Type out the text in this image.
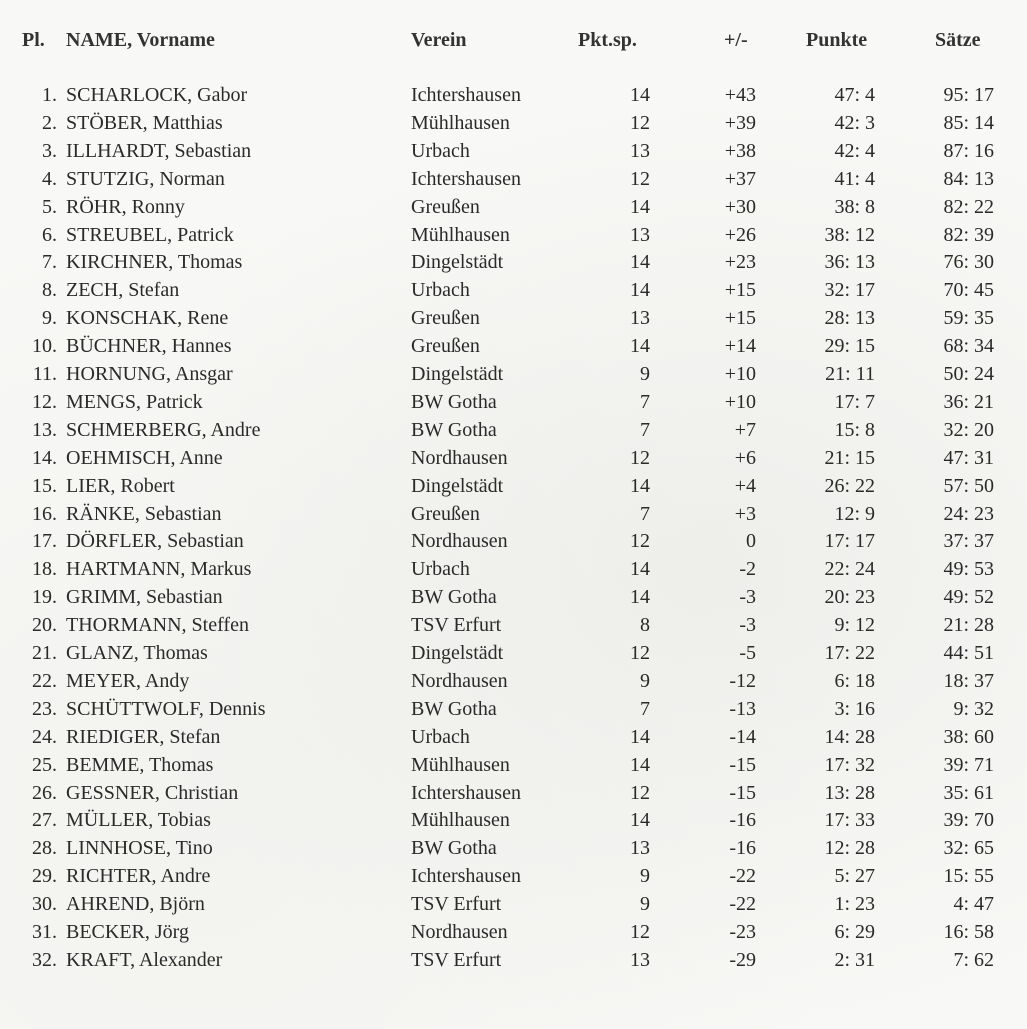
Pl. NAME, Vorname	Verein	Pkt.sp.	+/-	Punkte	Sätze
1. SCHARLOCK, Gabor	Ichtershausen	14	+43	47: 4	95: 17
2. STÖBER, Matthias	Mühlhausen	12	+39	42: 3	85: 14
3. ILLHARDT, Sebastian	Urbach	13	+38	42: 4	87: 16
4. STUTZIG, Norman	Ichtershausen	12	+37	41: 4	84: 13
5. RÖHR, Ronny	Greußen	14	+30	38: 8	82: 22
6. STREUBEL, Patrick	Mühlhausen	13	+26	38: 12	82: 39
7. KIRCHNER, Thomas	Dingelstädt	14	+23	36: 13	76: 30
8. ZECH, Stefan	Urbach	14	+15	32: 17	70: 45
9. KONSCHAK, Rene	Greußen	13	+15	28: 13	59: 35
10. BÜCHNER, Hannes	Greußen	14	+14	29: 15	68: 34
11. HORNUNG, Ansgar	Dingelstädt	9	+10	21: 11	50: 24
12. MENGS, Patrick	BW Gotha	7	+10	17: 7	36: 21
13. SCHMERBERG, Andre	BW Gotha	7	+7	15: 8	32: 20
14. OEHMISCH, Anne	Nordhausen	12	+6	21: 15	47: 31
15. LIER, Robert	Dingelstädt	14	+4	26: 22	57: 50
16. RÄNKE, Sebastian	Greußen	7	+3	12: 9	24: 23
17. DÖRFLER, Sebastian	Nordhausen	12	0	17: 17	37: 37
18. HARTMANN, Markus	Urbach	14	-2	22: 24	49: 53
19. GRIMM, Sebastian	BW Gotha	14	-3	20: 23	49: 52
20. THORMANN, Steffen	TSV Erfurt	8	-3	9: 12	21: 28
21. GLANZ, Thomas	Dingelstädt	12	-5	17: 22	44: 51
22. MEYER, Andy	Nordhausen	9	-12	6: 18	18: 37
23. SCHÜTTWOLF, Dennis	BW Gotha	7	-13	3: 16	9: 32
24. RIEDIGER, Stefan	Urbach	14	-14	14: 28	38: 60
25. BEMME, Thomas	Mühlhausen	14	-15	17: 32	39: 71
26. GESSNER, Christian	Ichtershausen	12	-15	13: 28	35: 61
27. MÜLLER, Tobias	Mühlhausen	14	-16	17: 33	39: 70
28. LINNHOSE, Tino	BW Gotha	13	-16	12: 28	32: 65
29. RICHTER, Andre	Ichtershausen	9	-22	5: 27	15: 55
30. AHREND, Björn	TSV Erfurt	9	-22	1: 23	4: 47
31. BECKER, Jörg	Nordhausen	12	-23	6: 29	16: 58
32. KRAFT, Alexander	TSV Erfurt	13	-29	2: 31	7: 62
